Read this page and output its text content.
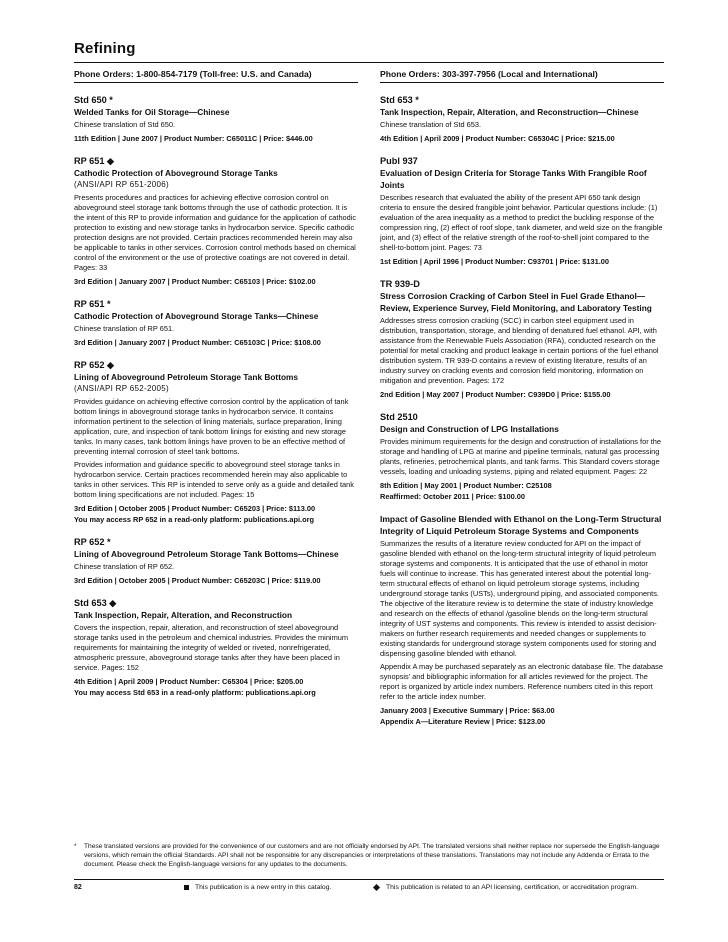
Refining
Phone Orders: 1-800-854-7179 (Toll-free: U.S. and Canada)	Phone Orders: 303-397-7956 (Local and International)
Std 650 *
Welded Tanks for Oil Storage—Chinese
Chinese translation of Std 650.
11th Edition | June 2007 | Product Number: C65011C | Price: $446.00
RP 651 ◆
Cathodic Protection of Aboveground Storage Tanks
(ANSI/API RP 651-2006)
Presents procedures and practices for achieving effective corrosion control on aboveground steel storage tank bottoms through the use of cathodic protection. It is the intent of this RP to provide information and guidance for the application of cathodic protection to existing and new storage tanks in hydrocarbon service. Specific cathodic protection designs are not provided. Certain practices recommended herein may also be applicable to tanks in other services. Corrosion control methods based on chemical control of the environment or the use of protective coatings are not covered in detail. Pages: 33
3rd Edition | January 2007 | Product Number: C65103 | Price: $102.00
RP 651 *
Cathodic Protection of Aboveground Storage Tanks—Chinese
Chinese translation of RP 651.
3rd Edition | January 2007 | Product Number: C65103C | Price: $108.00
RP 652 ◆
Lining of Aboveground Petroleum Storage Tank Bottoms
(ANSI/API RP 652-2005)

Provides guidance on achieving effective corrosion control by the application of tank bottom linings in aboveground storage tanks in hydrocarbon service. It contains information pertinent to the selection of lining materials, surface preparation, lining application, cure, and inspection of tank bottom linings for existing and new storage tanks. In many cases, tank bottom linings have proven to be an effective method of preventing internal corrosion of steel tank bottoms.

Provides information and guidance specific to aboveground steel storage tanks in hydrocarbon service. Certain practices recommended herein may also applicable to tanks in other services. This RP is intended to serve only as a guide and detailed tank bottom lining specifications are not included. Pages: 15

3rd Edition | October 2005 | Product Number: C65203 | Price: $113.00
You may access RP 652 in a read-only platform: publications.api.org
RP 652 *
Lining of Aboveground Petroleum Storage Tank Bottoms—Chinese
Chinese translation of RP 652.
3rd Edition | October 2005 | Product Number: C65203C | Price: $119.00
Std 653 ◆
Tank Inspection, Repair, Alteration, and Reconstruction
Covers the inspection, repair, alteration, and reconstruction of steel aboveground storage tanks used in the petroleum and chemical industries. Provides the minimum requirements for maintaining the integrity of welded or riveted, nonrefrigerated, atmospheric pressure, aboveground storage tanks after they have been placed in service. Pages: 152
4th Edition | April 2009 | Product Number: C65304 | Price: $205.00
You may access Std 653 in a read-only platform: publications.api.org
Std 653 *
Tank Inspection, Repair, Alteration, and Reconstruction—Chinese
Chinese translation of Std 653.
4th Edition | April 2009 | Product Number: C65304C | Price: $215.00
Publ 937
Evaluation of Design Criteria for Storage Tanks With Frangible Roof Joints
Describes research that evaluated the ability of the present API 650 tank design criteria to ensure the desired frangible joint behavior. Particular questions include: (1) evaluation of the area inequality as a method to predict the buckling response of the compression ring, (2) effect of roof slope, tank diameter, and weld size on the frangible joint, and (3) effect of the relative strength of the roof-to-shell joint compared to the shell-to-bottom joint. Pages: 73
1st Edition | April 1996 | Product Number: C93701 | Price: $131.00
TR 939-D
Stress Corrosion Cracking of Carbon Steel in Fuel Grade Ethanol—Review, Experience Survey, Field Monitoring, and Laboratory Testing
Addresses stress corrosion cracking (SCC) in carbon steel equipment used in distribution, transportation, storage, and blending of denatured fuel ethanol. API, with assistance from the Renewable Fuels Association (RFA), conducted research on the potential for metal cracking and product leakage in certain portions of the fuel ethanol distribution system. TR 939-D contains a review of existing literature, results of an industry survey on cracking events and corrosion field monitoring, information on mitigation and prevention. Pages: 172
2nd Edition | May 2007 | Product Number: C939D0 | Price: $155.00
Std 2510
Design and Construction of LPG Installations
Provides minimum requirements for the design and construction of installations for the storage and handling of LPG at marine and pipeline terminals, natural gas processing plants, refineries, petrochemical plants, and tank farms. This Standard covers storage vessels, loading and unloading systems, piping and related equipment. Pages: 22
8th Edition | May 2001 | Product Number: C25108
Reaffirmed: October 2011 | Price: $100.00
Impact of Gasoline Blended with Ethanol on the Long-Term Structural Integrity of Liquid Petroleum Storage Systems and Components

Summarizes the results of a literature review conducted for API on the impact of gasoline blended with ethanol on the long-term structural integrity of liquid petroleum storage systems and components. It is anticipated that the use of ethanol in motor fuels will continue to increase. This has generated interest about the potential long-term structural effects of ethanol on liquid petroleum storage systems, including underground storage tanks (USTs), underground piping, and associated components. The objective of the literature review is to determine the state of industry knowledge and research on the effects of ethanol /gasoline blends on the long-term structural integrity of UST systems and components. This review is intended to assist decision-makers on further research requirements and needed changes or supplements to existing standards for underground storage system components used for storing and dispensing gasoline blended with ethanol.

Appendix A may be purchased separately as an electronic database file. The database synopsis’ and bibliographic information for all articles reviewed for the project. The report is organized by article index numbers. Reference numbers cited in this report refer to the article index number.

January 2003 | Executive Summary | Price: $63.00
Appendix A—Literature Review | Price: $123.00
* These translated versions are provided for the convenience of our customers and are not officially endorsed by API. The translated versions shall neither replace nor supersede the English-language versions, which remain the official Standards. API shall not be responsible for any discrepancies or interpretations of these translations. Translations may not include any Addenda or Errata to the document. Please check the English-language versions for any updates to the documents.
82	This publication is a new entry in this catalog.	This publication is related to an API licensing, certification, or accreditation program.
